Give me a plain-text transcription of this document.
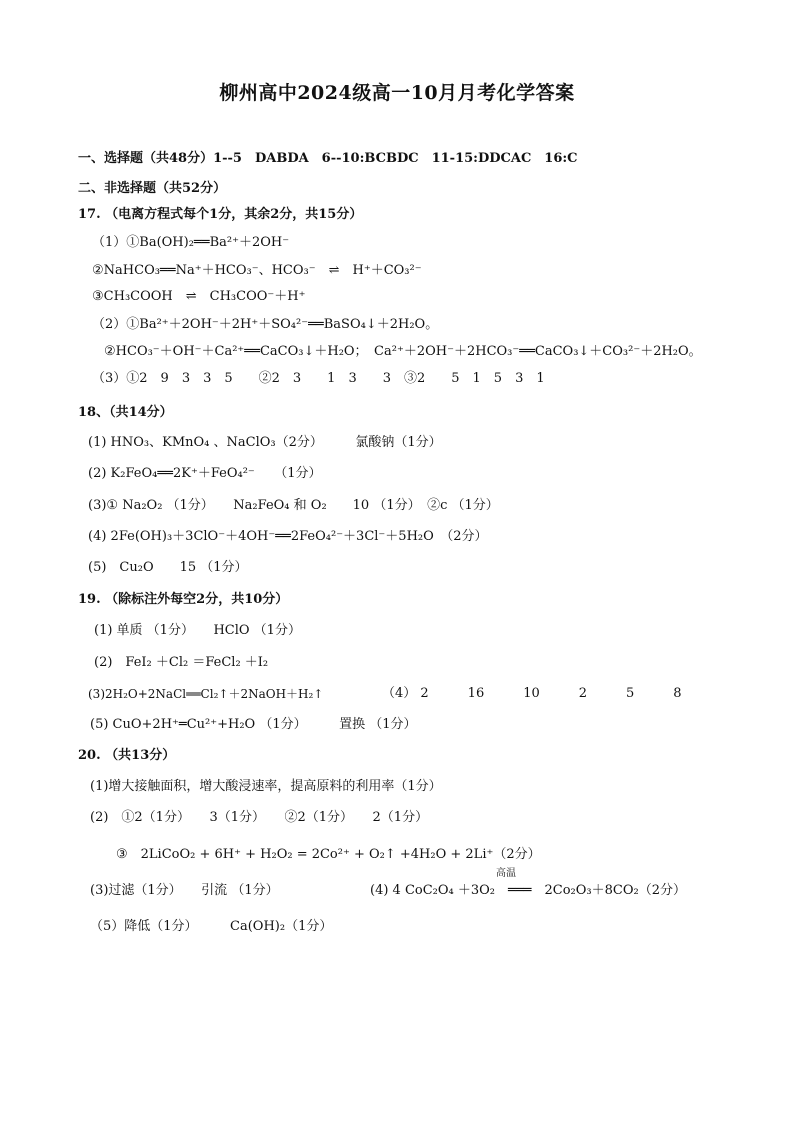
柳州高中2024级高一10月月考化学答案
一、选择题（共48分）1--5　DABDA　6--10:BCBDC　11-15:DDCAC　16:C
二、非选择题（共52分）
17. （电离方程式每个1分，其余2分，共15分）
（1）①Ba(OH)₂══Ba²⁺＋2OH⁻
②NaHCO₃══Na⁺＋HCO₃⁻、HCO₃⁻　⇌　H⁺＋CO₃²⁻
③CH₃COOH　⇌　CH₃COO⁻＋H⁺
（2）①Ba²⁺＋2OH⁻＋2H⁺＋SO₄²⁻══BaSO₄↓＋2H₂O。
②HCO₃⁻＋OH⁻＋Ca²⁺══CaCO₃↓＋H₂O；　Ca²⁺＋2OH⁻＋2HCO₃⁻══CaCO₃↓＋CO₃²⁻＋2H₂O。
（3）①2　9　3　3　5　　②2　3　　1　3　　3　③2　　5　1　5　3　1
18、（共14分）
(1) HNO₃、KMnO₄ 、NaClO₃（2分）　　　氯酸钠（1分）
(2) K₂FeO₄══2K⁺＋FeO₄²⁻　　（1分）
(3)① Na₂O₂ （1分）　　Na₂FeO₄ 和 O₂　　10 （1分）　②c （1分）
(4) 2Fe(OH)₃＋3ClO⁻＋4OH⁻══2FeO₄²⁻＋3Cl⁻＋5H₂O　（2分）
(5)　Cu₂O　　15 （1分）
19. （除标注外每空2分，共10分）
(1) 单质 （1分）　　HClO （1分）
(2)　FeI₂ ＋Cl₂ ＝FeCl₂ ＋I₂
(3)2H₂O+2NaCl══Cl₂↑＋2NaOH＋H₂↑	（4） 2　　　16　　　10　　　2　　　5　　　8
(5) CuO+2H⁺═Cu²⁺+H₂O （1分）　　　置换 （1分）
20. （共13分）
(1)增大接触面积，增大酸浸速率，提高原料的利用率（1分）
(2)　①2（1分）　　3（1分）　　②2（1分）　　2（1分）
③　2LiCoO₂ + 6H⁺ + H₂O₂ = 2Co²⁺ + O₂↑ +4H₂O + 2Li⁺（2分）
高温
(3)过滤（1分）　　引流 （1分）	(4) 4 CoC₂O₄ ＋3O₂　═══　2Co₂O₃＋8CO₂（2分）
（5）降低（1分）　　　Ca(OH)₂（1分）
